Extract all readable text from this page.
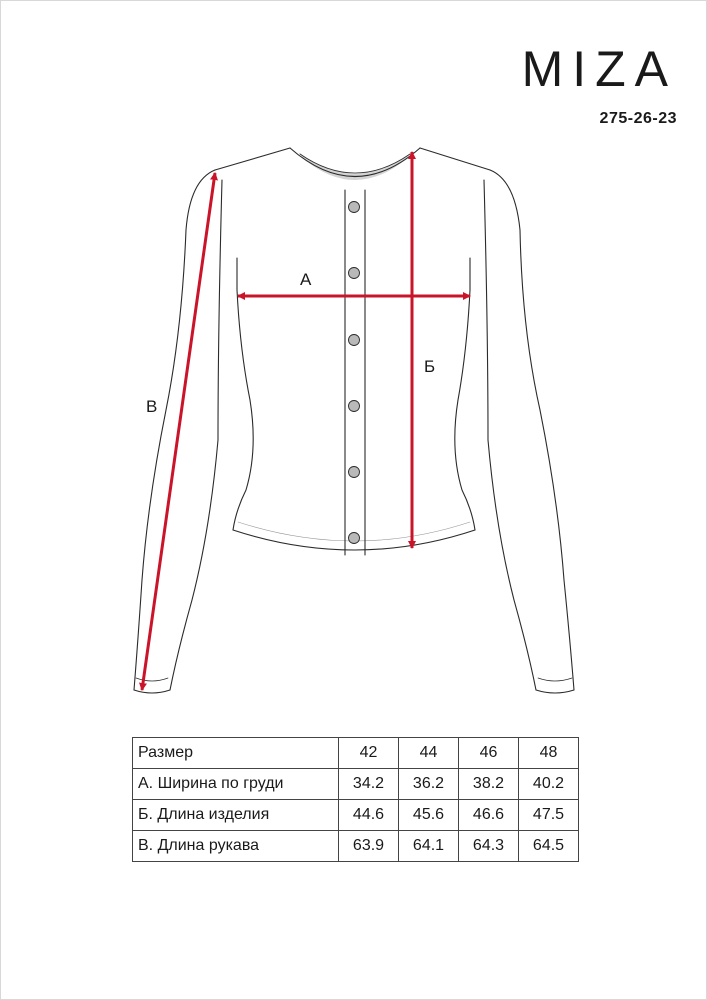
MIZA
275-26-23
А
Б
В
Размер	42	44	46	48
А. Ширина по груди	34.2	36.2	38.2	40.2
Б. Длина изделия	44.6	45.6	46.6	47.5
В. Длина рукава	63.9	64.1	64.3	64.5
